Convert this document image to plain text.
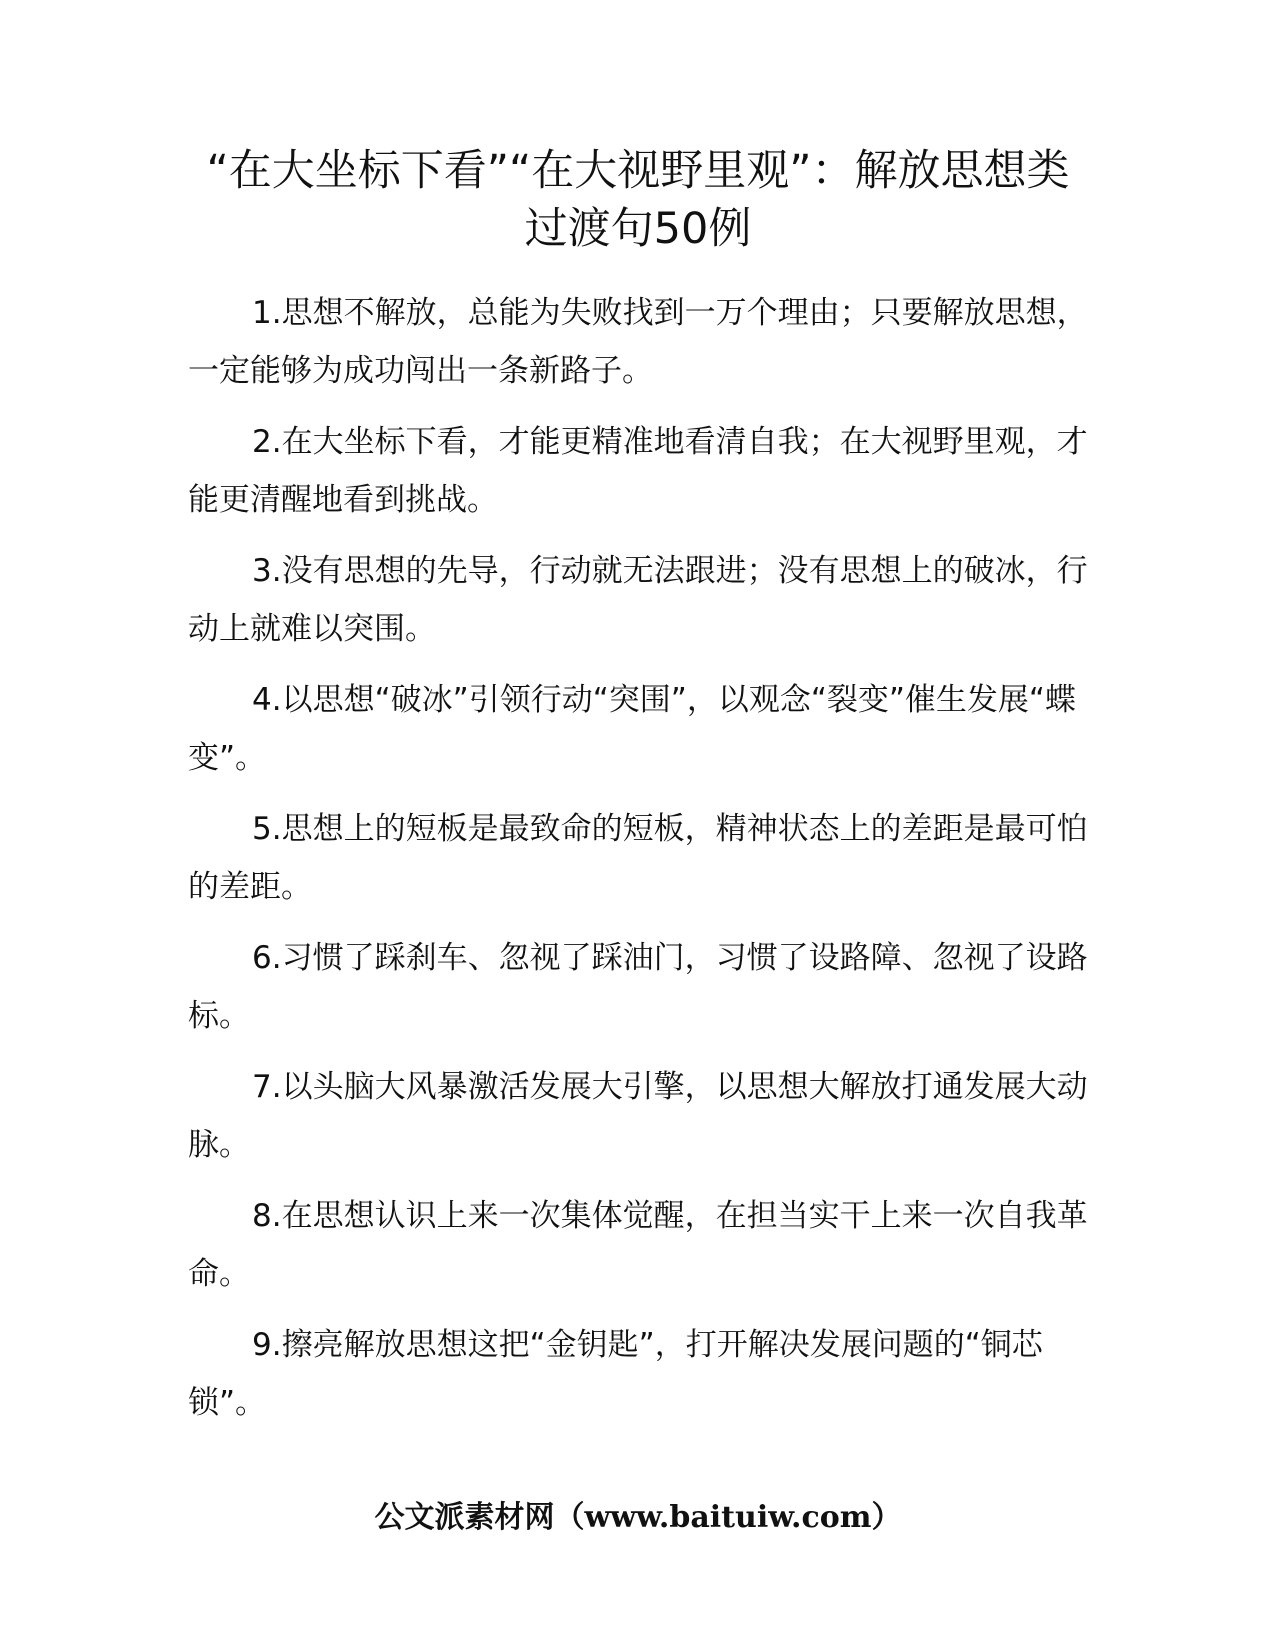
“在大坐标下看”“在大视野里观”：解放思想类过渡句50例

1.思想不解放，总能为失败找到一万个理由；只要解放思想，一定能够为成功闯出一条新路子。

2.在大坐标下看，才能更精准地看清自我；在大视野里观，才能更清醒地看到挑战。

3.没有思想的先导，行动就无法跟进；没有思想上的破冰，行动上就难以突围。

4.以思想“破冰”引领行动“突围”，以观念“裂变”催生发展“蝶变”。

5.思想上的短板是最致命的短板，精神状态上的差距是最可怕的差距。

6.习惯了踩刹车、忽视了踩油门，习惯了设路障、忽视了设路标。

7.以头脑大风暴激活发展大引擎，以思想大解放打通发展大动脉。

8.在思想认识上来一次集体觉醒，在担当实干上来一次自我革命。

9.擦亮解放思想这把“金钥匙”，打开解决发展问题的“铜芯锁”。

公文派素材网（www.baituiw.com）
